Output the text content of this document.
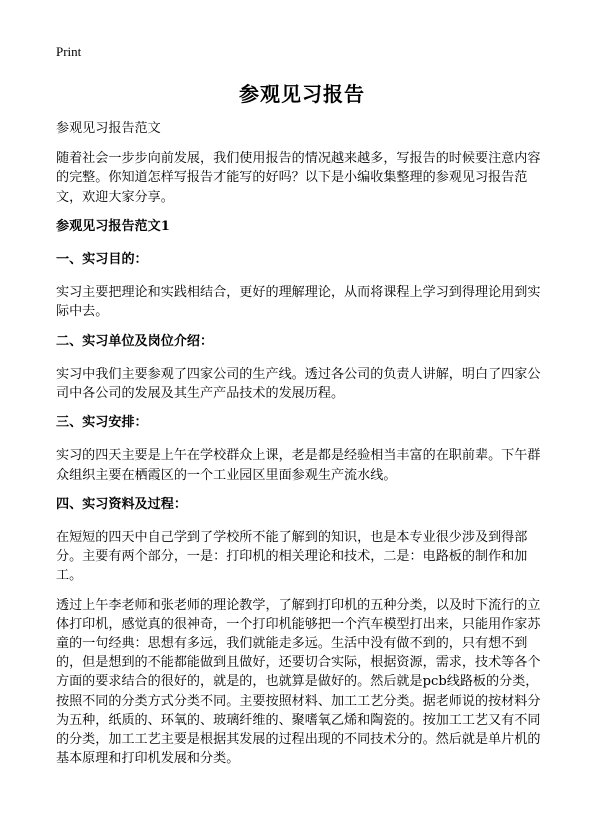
Print
参观见习报告
参观见习报告范文
随着社会一步步向前发展，我们使用报告的情况越来越多，写报告的时候要注意内容的完整。你知道怎样写报告才能写的好吗？以下是小编收集整理的参观见习报告范文，欢迎大家分享。
参观见习报告范文1
一、实习目的：
实习主要把理论和实践相结合，更好的理解理论，从而将课程上学习到得理论用到实际中去。
二、实习单位及岗位介绍：
实习中我们主要参观了四家公司的生产线。透过各公司的负责人讲解，明白了四家公司中各公司的发展及其生产产品技术的发展历程。
三、实习安排：
实习的四天主要是上午在学校群众上课，老是都是经验相当丰富的在职前辈。下午群众组织主要在栖霞区的一个工业园区里面参观生产流水线。
四、实习资料及过程：
在短短的四天中自己学到了学校所不能了解到的知识，也是本专业很少涉及到得部分。主要有两个部分，一是：打印机的相关理论和技术，二是：电路板的制作和加工。
透过上午李老师和张老师的理论教学，了解到打印机的五种分类，以及时下流行的立体打印机，感觉真的很神奇，一个打印机能够把一个汽车模型打出来，只能用作家苏童的一句经典：思想有多远，我们就能走多远。生活中没有做不到的，只有想不到的，但是想到的不能都能做到且做好，还要切合实际，根据资源，需求，技术等各个方面的要求结合的很好的，就是的，也就算是做好的。然后就是pcb线路板的分类，按照不同的分类方式分类不同。主要按照材料、加工工艺分类。据老师说的按材料分为五种，纸质的、环氧的、玻璃纤维的、聚嗜氧乙烯和陶瓷的。按加工工艺又有不同的分类，加工工艺主要是根据其发展的过程出现的不同技术分的。然后就是单片机的基本原理和打印机发展和分类。
